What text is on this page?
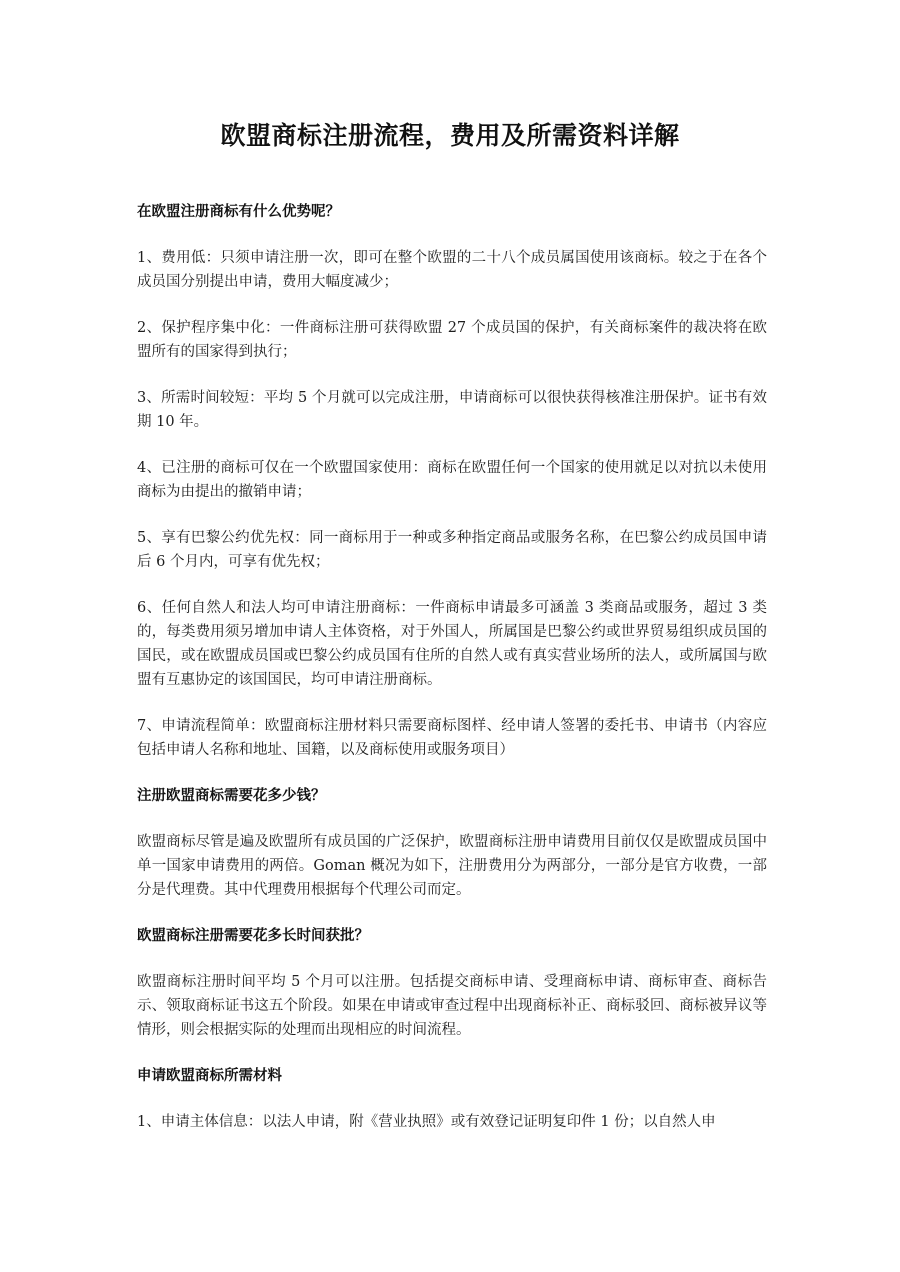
欧盟商标注册流程，费用及所需资料详解
在欧盟注册商标有什么优势呢？
1、费用低：只须申请注册一次，即可在整个欧盟的二十八个成员属国使用该商标。较之于在各个成员国分别提出申请，费用大幅度减少；
2、保护程序集中化：一件商标注册可获得欧盟 27 个成员国的保护，有关商标案件的裁决将在欧盟所有的国家得到执行；
3、所需时间较短：平均 5 个月就可以完成注册，申请商标可以很快获得核准注册保护。证书有效期 10 年。
4、已注册的商标可仅在一个欧盟国家使用：商标在欧盟任何一个国家的使用就足以对抗以未使用商标为由提出的撤销申请；
5、享有巴黎公约优先权：同一商标用于一种或多种指定商品或服务名称，在巴黎公约成员国申请后 6 个月内，可享有优先权；
6、任何自然人和法人均可申请注册商标：一件商标申请最多可涵盖 3 类商品或服务，超过 3 类的，每类费用须另增加申请人主体资格，对于外国人，所属国是巴黎公约或世界贸易组织成员国的国民，或在欧盟成员国或巴黎公约成员国有住所的自然人或有真实营业场所的法人，或所属国与欧盟有互惠协定的该国国民，均可申请注册商标。
7、申请流程简单：欧盟商标注册材料只需要商标图样、经申请人签署的委托书、申请书（内容应包括申请人名称和地址、国籍，以及商标使用或服务项目）
注册欧盟商标需要花多少钱？
欧盟商标尽管是遍及欧盟所有成员国的广泛保护，欧盟商标注册申请费用目前仅仅是欧盟成员国中单一国家申请费用的两倍。Goman 概况为如下，注册费用分为两部分，一部分是官方收费，一部分是代理费。其中代理费用根据每个代理公司而定。
欧盟商标注册需要花多长时间获批？
欧盟商标注册时间平均 5 个月可以注册。包括提交商标申请、受理商标申请、商标审查、商标告示、领取商标证书这五个阶段。如果在申请或审查过程中出现商标补正、商标驳回、商标被异议等情形，则会根据实际的处理而出现相应的时间流程。
申请欧盟商标所需材料
1、申请主体信息：以法人申请，附《营业执照》或有效登记证明复印件 1 份；以自然人申
